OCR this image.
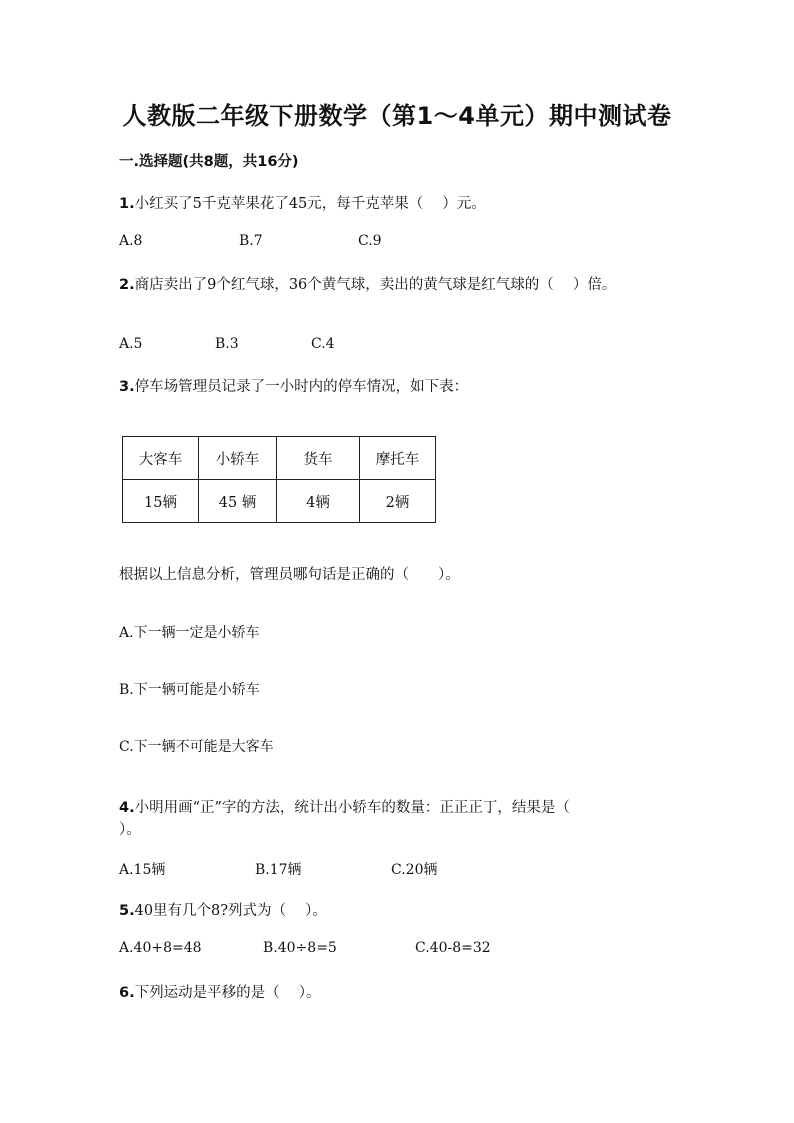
人教版二年级下册数学（第1～4单元）期中测试卷
一.选择题(共8题，共16分)
1.小红买了5千克苹果花了45元，每千克苹果（　 ）元。
A.8	B.7	C.9
2.商店卖出了9个红气球，36个黄气球，卖出的黄气球是红气球的（　 ）倍。
A.5	B.3	C.4
3.停车场管理员记录了一小时内的停车情况，如下表：
大客车	小轿车	货车	摩托车
15辆	45 辆	4辆	2辆
根据以上信息分析，管理员哪句话是正确的（　　）。
A.下一辆一定是小轿车
B.下一辆可能是小轿车
C.下一辆不可能是大客车
4.小明用画“正”字的方法，统计出小轿车的数量：正正正丁，结果是（
）。
A.15辆	B.17辆	C.20辆
5.40里有几个8?列式为（　 ）。
A.40+8=48	B.40÷8=5	C.40-8=32
6.下列运动是平移的是（　 ）。
